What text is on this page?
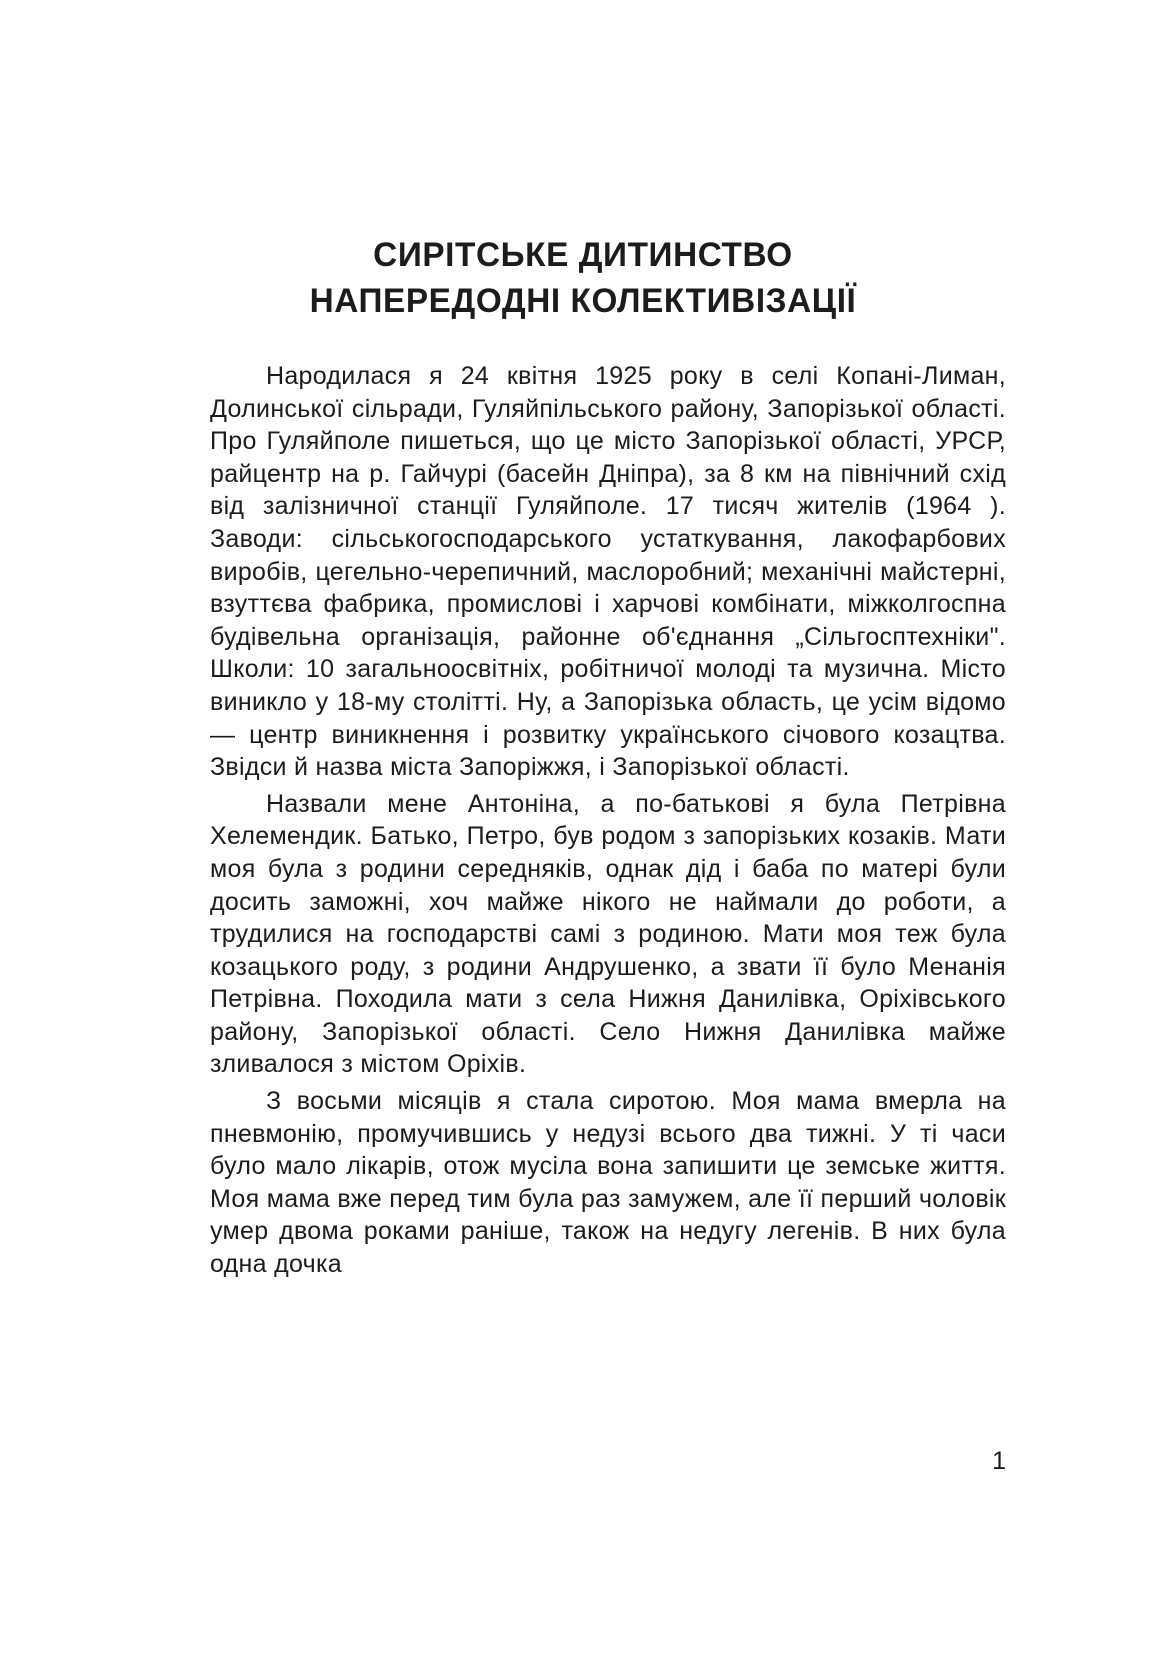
СИРІТСЬКЕ ДИТИНСТВО
НАПЕРЕДОДНІ КОЛЕКТИВІЗАЦІЇ

Народилася я 24 квітня 1925 року в селі Копані-Лиман, Долинської сільради, Гуляйпільського району, Запорізької області. Про Гуляйполе пишеться, що це місто Запорізької області, УРСР, райцентр на р. Гайчурі (басейн Дніпра), за 8 км на північний схід від залізничної станції Гуляйполе. 17 тисяч жителів (1964 ). Заводи: сільськогосподарського устаткування, лакофарбових виробів, цегельно-черепичний, маслоробний; механічні майстерні, взуттєва фабрика, промислові і харчові комбінати, міжколгоспна будівельна організація, районне об'єднання „Сільгосптехніки". Школи: 10 загальноосвітніх, робітничої молоді та музична. Місто виникло у 18-му столітті. Ну, а Запорізька область, це усім відомо — центр виникнення і розвитку українського січового козацтва. Звідси й назва міста Запоріжжя, і Запорізької області.

Назвали мене Антоніна, а по-батькові я була Петрівна Хелемендик. Батько, Петро, був родом з запорізьких козаків. Мати моя була з родини середняків, однак дід і баба по матері були досить заможні, хоч майже нікого не наймали до роботи, а трудилися на господарстві самі з родиною. Мати моя теж була козацького роду, з родини Андрушенко, а звати її було Менанія Петрівна. Походила мати з села Нижня Данилівка, Оріхівського району, Запорізької області. Село Нижня Данилівка майже зливалося з містом Оріхів.

З восьми місяців я стала сиротою. Моя мама вмерла на пневмонію, промучившись у недузі всього два тижні. У ті часи було мало лікарів, отож мусіла вона запишити це земське життя. Моя мама вже перед тим була раз замужем, але її перший чоловік умер двома роками раніше, також на недугу легенів. В них була одна дочка

1
